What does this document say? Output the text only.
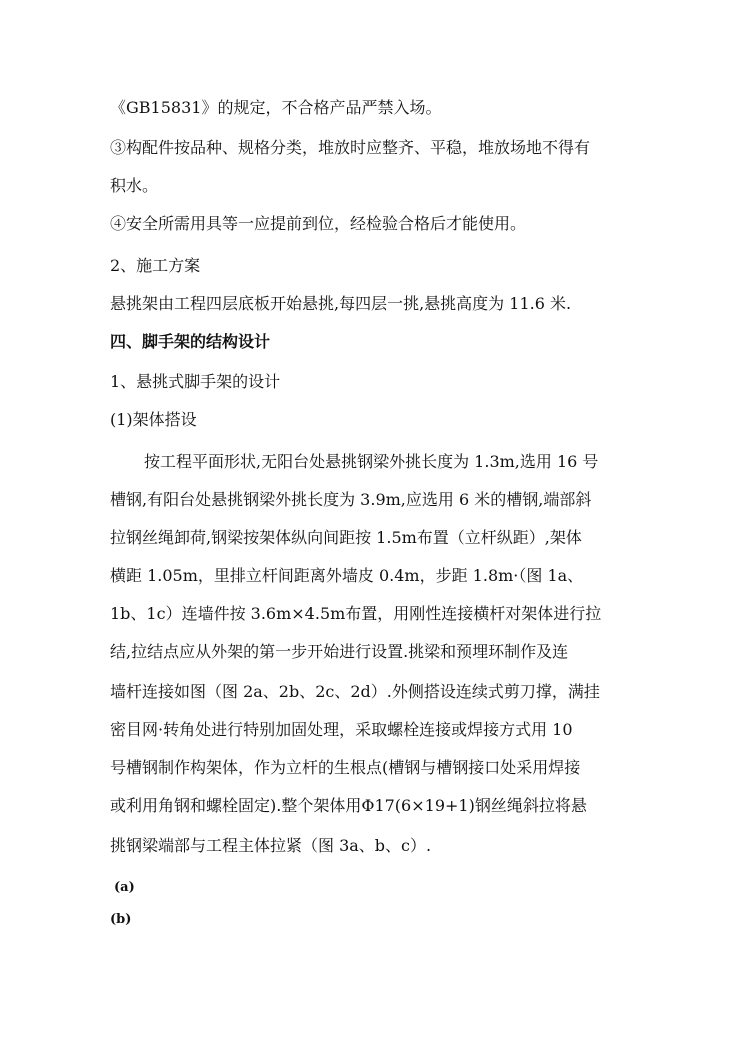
《GB15831》的规定，不合格产品严禁入场。
③构配件按品种、规格分类，堆放时应整齐、平稳，堆放场地不得有
积水。
④安全所需用具等一应提前到位，经检验合格后才能使用。
2、施工方案
悬挑架由工程四层底板开始悬挑,每四层一挑,悬挑高度为 11.6 米.
四、脚手架的结构设计
1、悬挑式脚手架的设计
(1)架体搭设
按工程平面形状,无阳台处悬挑钢梁外挑长度为 1.3m,选用 16 号
槽钢,有阳台处悬挑钢梁外挑长度为 3.9m,应选用 6 米的槽钢,端部斜
拉钢丝绳卸荷,钢梁按架体纵向间距按 1.5m布置（立杆纵距）,架体
横距 1.05m，里排立杆间距离外墙皮 0.4m，步距 1.8m·（图 1a、
1b、1c）连墙件按 3.6m×4.5m布置，用刚性连接横杆对架体进行拉
结,拉结点应从外架的第一步开始进行设置.挑梁和预埋环制作及连
墙杆连接如图（图 2a、2b、2c、2d）.外侧搭设连续式剪刀撑，满挂
密目网·转角处进行特别加固处理，采取螺栓连接或焊接方式用 10
号槽钢制作构架体，作为立杆的生根点(槽钢与槽钢接口处采用焊接
或利用角钢和螺栓固定).整个架体用Φ17(6×19+1)钢丝绳斜拉将悬
挑钢梁端部与工程主体拉紧（图 3a、b、c）.
(a)
(b)
